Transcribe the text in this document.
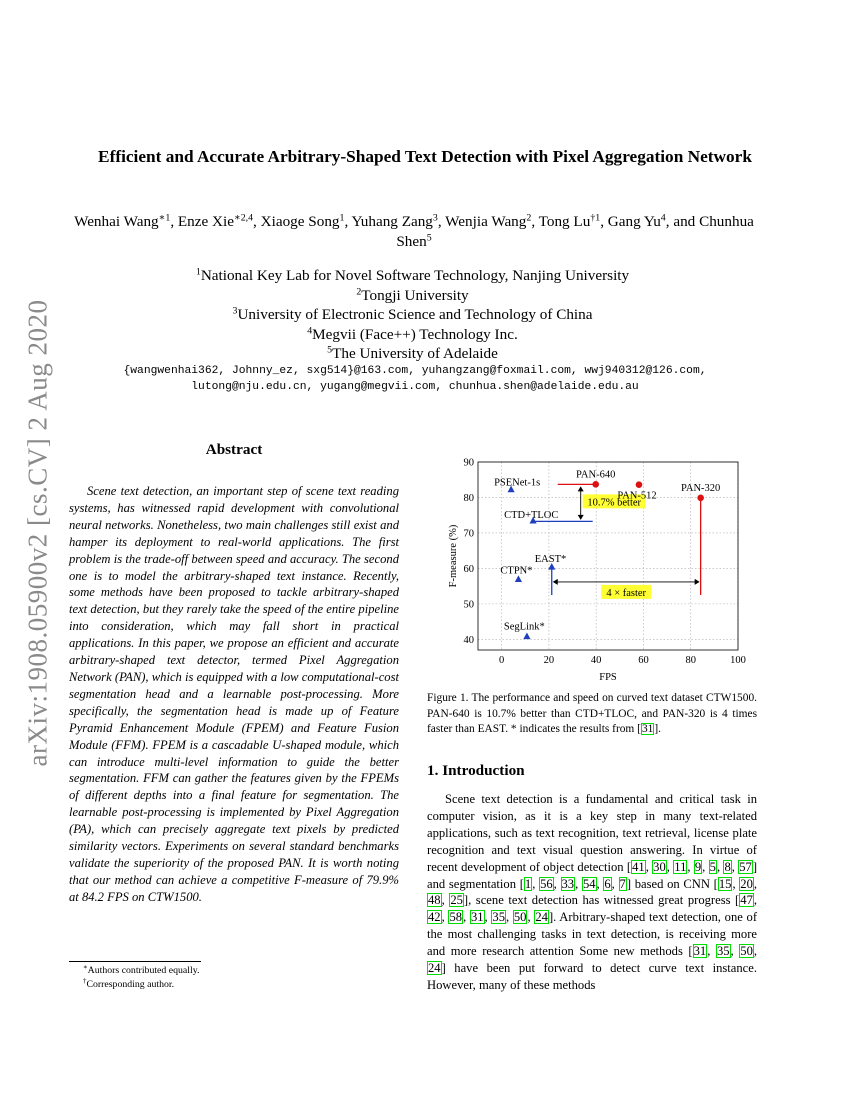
arXiv:1908.05900v2 [cs.CV] 2 Aug 2020
Efficient and Accurate Arbitrary-Shaped Text Detection with Pixel Aggregation Network
Wenhai Wang$^{∗1}$, Enze Xie$^{∗2,4}$, Xiaoge Song$^1$, Yuhang Zang$^3$, Wenjia Wang$^2$, Tong Lu$^{\dagger 1}$, Gang Yu$^4$, and Chunhua Shen$^5$
$^1$National Key Lab for Novel Software Technology, Nanjing University
$^2$Tongji University
$^3$University of Electronic Science and Technology of China
$^4$Megvii (Face++) Technology Inc.
$^5$The University of Adelaide
{wangwenhai362, Johnny_ez, sxg514}@163.com, yuhangzang@foxmail.com, wwj940312@126.com,
lutong@nju.edu.cn, yugang@megvii.com, chunhua.shen@adelaide.edu.au
Abstract

Scene text detection, an important step of scene text reading systems, has witnessed rapid development with convolutional neural networks. Nonetheless, two main challenges still exist and hamper its deployment to real-world applications. The first problem is the trade-off between speed and accuracy. The second one is to model the arbitrary-shaped text instance. Recently, some methods have been proposed to tackle arbitrary-shaped text detection, but they rarely take the speed of the entire pipeline into consideration, which may fall short in practical applications. In this paper, we propose an efficient and accurate arbitrary-shaped text detector, termed Pixel Aggregation Network (PAN), which is equipped with a low computational-cost segmentation head and a learnable post-processing. More specifically, the segmentation head is made up of Feature Pyramid Enhancement Module (FPEM) and Feature Fusion Module (FFM). FPEM is a cascadable U-shaped module, which can introduce multi-level information to guide the better segmentation. FFM can gather the features given by the FPEMs of different depths into a final feature for segmentation. The learnable post-processing is implemented by Pixel Aggregation (PA), which can precisely aggregate text pixels by predicted similarity vectors. Experiments on several standard benchmarks validate the superiority of the proposed PAN. It is worth noting that our method can achieve a competitive F-measure of 79.9% at 84.2 FPS on CTW1500.

∗Authors contributed equally.
†Corresponding author.
0	20	40	60	80	100
40
50
60
70
80
90
10.7% better
4 × faster
PSENet-1s
CTD+TLOC
EAST*
CTPN*
SegLink*
PAN-640
PAN-512
PAN-320
FPS
F-measure (%)
Figure 1. The performance and speed on curved text dataset CTW1500. PAN-640 is 10.7% better than CTD+TLOC, and PAN-320 is 4 times faster than EAST. * indicates the results from [31].
1. Introduction

Scene text detection is a fundamental and critical task in computer vision, as it is a key step in many text-related applications, such as text recognition, text retrieval, license plate recognition and text visual question answering. In virtue of recent development of object detection [41, 30, 11, 9, 5, 8, 57] and segmentation [1, 56, 33, 54, 6, 7] based on CNN [15, 20, 48, 25], scene text detection has witnessed great progress [47, 42, 58, 31, 35, 50, 24]. Arbitrary-shaped text detection, one of the most challenging tasks in text detection, is receiving more and more research attention Some new methods [31, 35, 50, 24] have been put forward to detect curve text instance. However, many of these methods
